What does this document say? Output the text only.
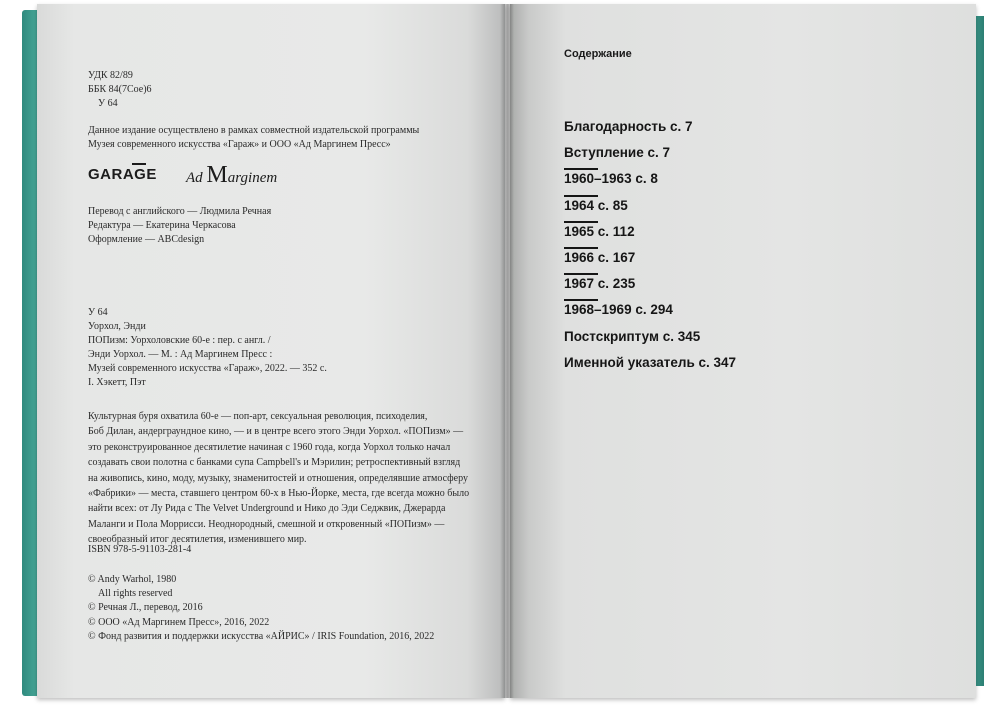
УДК 82/89
ББК 84(7Сое)6
У 64
Данное издание осуществлено в рамках совместной издательской программы
Музея современного искусства «Гараж» и ООО «Ад Маргинем Пресс»
GARAGE Ad Marginem
Перевод с английского — Людмила Речная
Редактура — Екатерина Черкасова
Оформление — ABCdesign
У 64
Уорхол, Энди
ПОПизм: Уорхоловские 60-е : пер. с англ. /
Энди Уорхол. — М. : Ад Маргинем Пресс :
Музей современного искусства «Гараж», 2022. — 352 с.
I. Хэкетт, Пэт
Культурная буря охватила 60-е — поп-арт, сексуальная революция, психоделия,
Боб Дилан, андерграундное кино, — и в центре всего этого Энди Уорхол. «ПОПизм» —
это реконструированное десятилетие начиная с 1960 года, когда Уорхол только начал
создавать свои полотна с банками супа Campbell's и Мэрилин; ретроспективный взгляд
на живопись, кино, моду, музыку, знаменитостей и отношения, определявшие атмосферу
«Фабрики» — места, ставшего центром 60-х в Нью-Йорке, места, где всегда можно было
найти всех: от Лу Рида с The Velvet Underground и Нико до Эди Седжвик, Джерарда
Маланги и Пола Моррисси. Неоднородный, смешной и откровенный «ПОПизм» —
своеобразный итог десятилетия, изменившего мир.
ISBN 978-5-91103-281-4
© Andy Warhol, 1980
All rights reserved
© Речная Л., перевод, 2016
© ООО «Ад Маргинем Пресс», 2016, 2022
© Фонд развития и поддержки искусства «АЙРИС» / IRIS Foundation, 2016, 2022
Содержание
Благодарность с. 7
Вступление с. 7
1960–1963 с. 8
1964 с. 85
1965 с. 112
1966 с. 167
1967 с. 235
1968–1969 с. 294
Постскриптум с. 345
Именной указатель с. 347
